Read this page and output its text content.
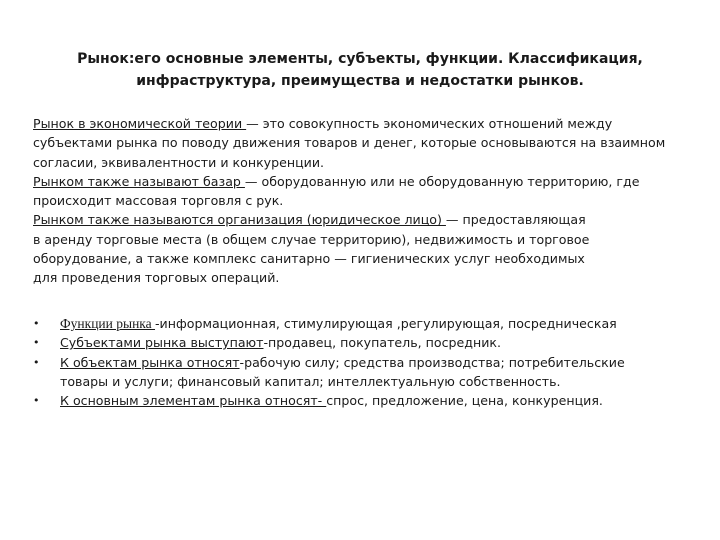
Рынок:его основные элементы, субъекты, функции. Классификация,
инфраструктура, преимущества и недостатки рынков.
Рынок в экономической теории — это совокупность экономических отношений между
субъектами рынка по поводу движения товаров и денег, которые основываются на взаимном
согласии, эквивалентности и конкуренции.
Рынком также называют базар — оборудованную или не оборудованную территорию, где
происходит массовая торговля с рук.
Рынком также называются организация (юридическое лицо) — предоставляющая
в аренду торговые места (в общем случае территорию), недвижимость и торговое
оборудование, а также комплекс санитарно — гигиенических услуг необходимых
для проведения торговых операций.
• Функции рынка -информационная, стимулирующая ,регулирующая, посредническая
• Субъектами рынка выступают-продавец, покупатель, посредник.
• К объектам рынка относят-рабочую силу; средства производства; потребительские
товары и услуги; финансовый капитал; интеллектуальную собственность.
• К основным элементам рынка относят- спрос, предложение, цена, конкуренция.
